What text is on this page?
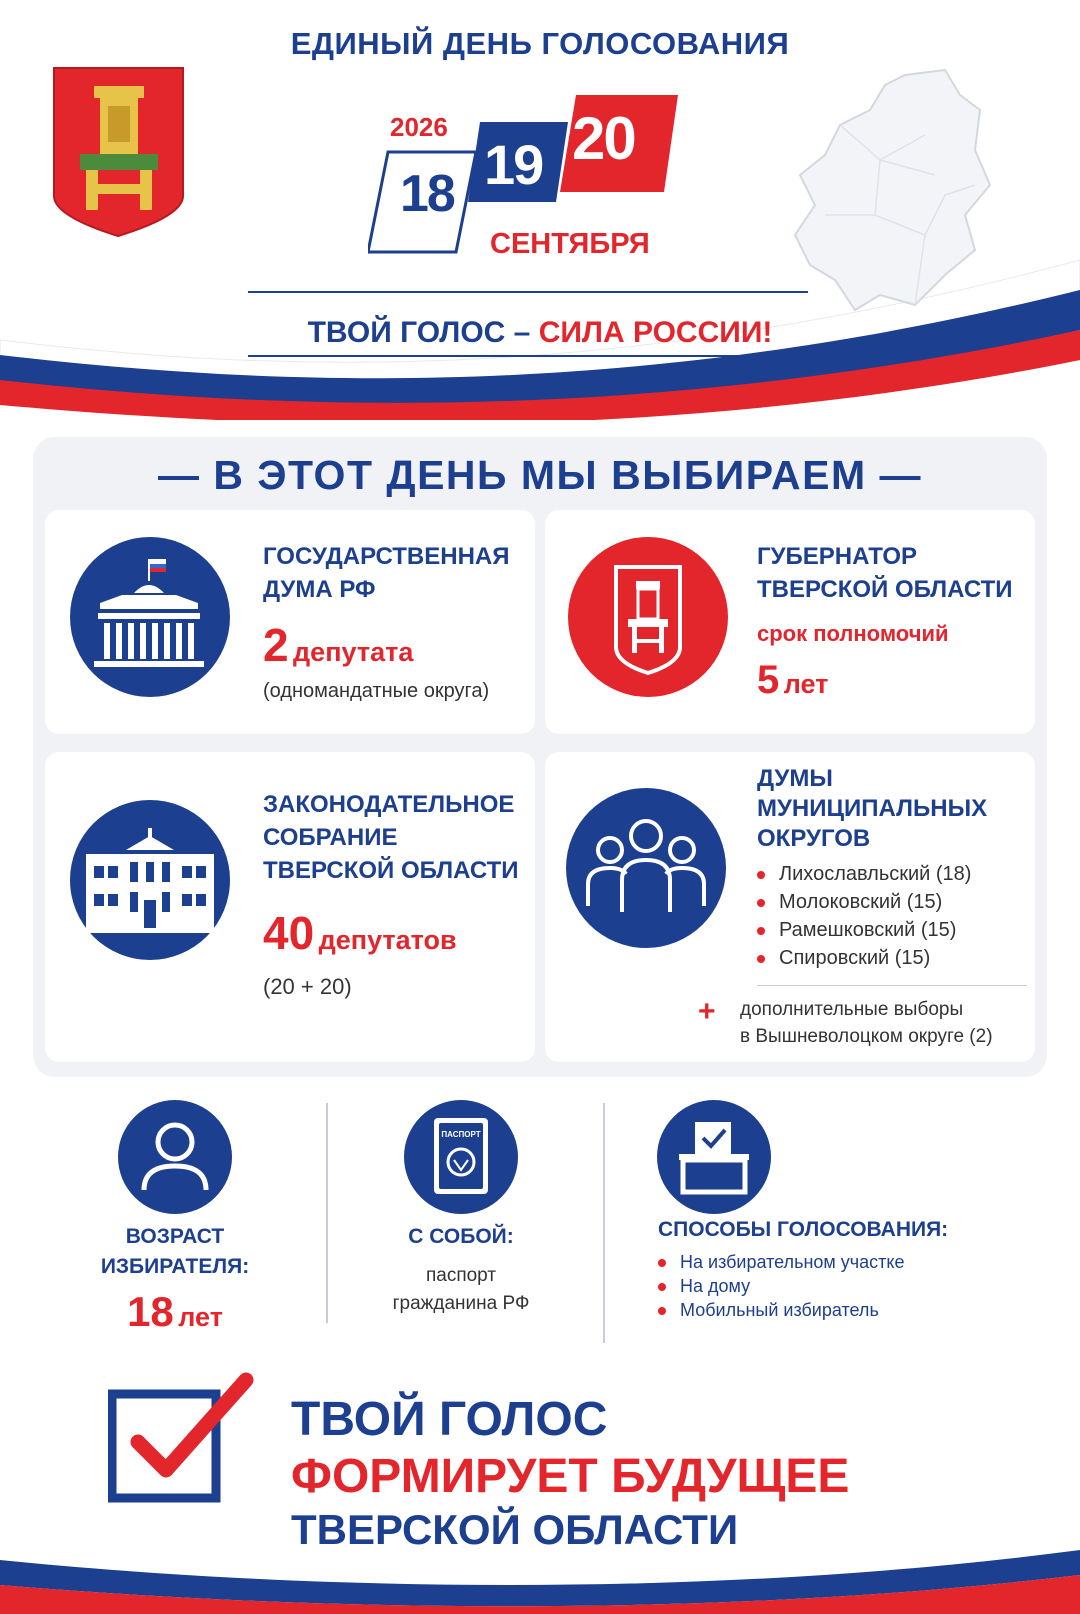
ЕДИНЫЙ ДЕНЬ ГОЛОСОВАНИЯ
2026
18 19 20
СЕНТЯБРЯ
ТВОЙ ГОЛОС – СИЛА РОССИИ!
— В ЭТОТ ДЕНЬ МЫ ВЫБИРАЕМ —
ГОСУДАРСТВЕННАЯ
ДУМА РФ
2 депутата
(одномандатные округа)
ГУБЕРНАТОР
ТВЕРСКОЙ ОБЛАСТИ
срок полномочий
5 лет
ЗАКОНОДАТЕЛЬНОЕ
СОБРАНИЕ
ТВЕРСКОЙ ОБЛАСТИ
40 депутатов
(20 + 20)
ДУМЫ
МУНИЦИПАЛЬНЫХ
ОКРУГОВ
Лихославльский (18)
Молоковский (15)
Рамешковский (15)
Спировский (15)
+ дополнительные выборы
в Вышневолоцком округе (2)
ВОЗРАСТ
ИЗБИРАТЕЛЯ:
18 лет
ПАСПОРТ
С СОБОЙ:
паспорт
гражданина РФ
СПОСОБЫ ГОЛОСОВАНИЯ:
На избирательном участке
На дому
Мобильный избиратель
ТВОЙ ГОЛОС
ФОРМИРУЕТ БУДУЩЕЕ
ТВЕРСКОЙ ОБЛАСТИ
